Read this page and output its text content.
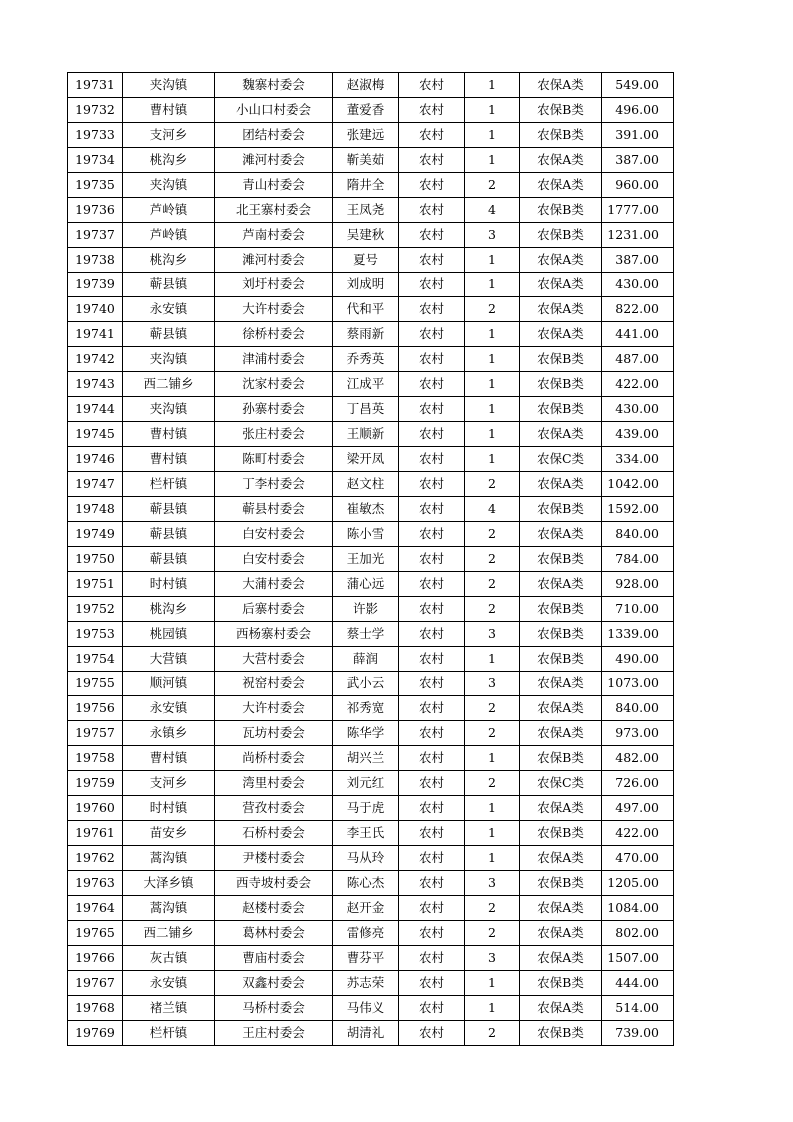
19731	夹沟镇	魏寨村委会	赵淑梅	农村	1	农保A类	549.00
19732	曹村镇	小山口村委会	董爱香	农村	1	农保B类	496.00
19733	支河乡	团结村委会	张建远	农村	1	农保B类	391.00
19734	桃沟乡	滩河村委会	靳美茹	农村	1	农保A类	387.00
19735	夹沟镇	青山村委会	隋井全	农村	2	农保A类	960.00
19736	芦岭镇	北王寨村委会	王凤尧	农村	4	农保B类	1777.00
19737	芦岭镇	芦南村委会	吴建秋	农村	3	农保B类	1231.00
19738	桃沟乡	滩河村委会	夏号	农村	1	农保A类	387.00
19739	蕲县镇	刘圩村委会	刘成明	农村	1	农保A类	430.00
19740	永安镇	大许村委会	代和平	农村	2	农保A类	822.00
19741	蕲县镇	徐桥村委会	蔡雨新	农村	1	农保A类	441.00
19742	夹沟镇	津浦村委会	乔秀英	农村	1	农保B类	487.00
19743	西二铺乡	沈家村委会	江成平	农村	1	农保B类	422.00
19744	夹沟镇	孙寨村委会	丁昌英	农村	1	农保B类	430.00
19745	曹村镇	张庄村委会	王顺新	农村	1	农保A类	439.00
19746	曹村镇	陈町村委会	梁开凤	农村	1	农保C类	334.00
19747	栏杆镇	丁李村委会	赵文柱	农村	2	农保A类	1042.00
19748	蕲县镇	蕲县村委会	崔敏杰	农村	4	农保B类	1592.00
19749	蕲县镇	白安村委会	陈小雪	农村	2	农保A类	840.00
19750	蕲县镇	白安村委会	王加光	农村	2	农保B类	784.00
19751	时村镇	大蒲村委会	蒲心远	农村	2	农保A类	928.00
19752	桃沟乡	后寨村委会	许影	农村	2	农保B类	710.00
19753	桃园镇	西杨寨村委会	蔡士学	农村	3	农保B类	1339.00
19754	大营镇	大营村委会	薛润	农村	1	农保B类	490.00
19755	顺河镇	祝窑村委会	武小云	农村	3	农保A类	1073.00
19756	永安镇	大许村委会	祁秀宽	农村	2	农保A类	840.00
19757	永镇乡	瓦坊村委会	陈华学	农村	2	农保A类	973.00
19758	曹村镇	尚桥村委会	胡兴兰	农村	1	农保B类	482.00
19759	支河乡	湾里村委会	刘元红	农村	2	农保C类	726.00
19760	时村镇	营孜村委会	马于虎	农村	1	农保A类	497.00
19761	苗安乡	石桥村委会	李王氏	农村	1	农保B类	422.00
19762	蒿沟镇	尹楼村委会	马从玲	农村	1	农保A类	470.00
19763	大泽乡镇	西寺坡村委会	陈心杰	农村	3	农保B类	1205.00
19764	蒿沟镇	赵楼村委会	赵开金	农村	2	农保A类	1084.00
19765	西二铺乡	葛林村委会	雷修亮	农村	2	农保A类	802.00
19766	灰古镇	曹庙村委会	曹芬平	农村	3	农保A类	1507.00
19767	永安镇	双鑫村委会	苏志荣	农村	1	农保B类	444.00
19768	褚兰镇	马桥村委会	马伟义	农村	1	农保A类	514.00
19769	栏杆镇	王庄村委会	胡清礼	农村	2	农保B类	739.00
